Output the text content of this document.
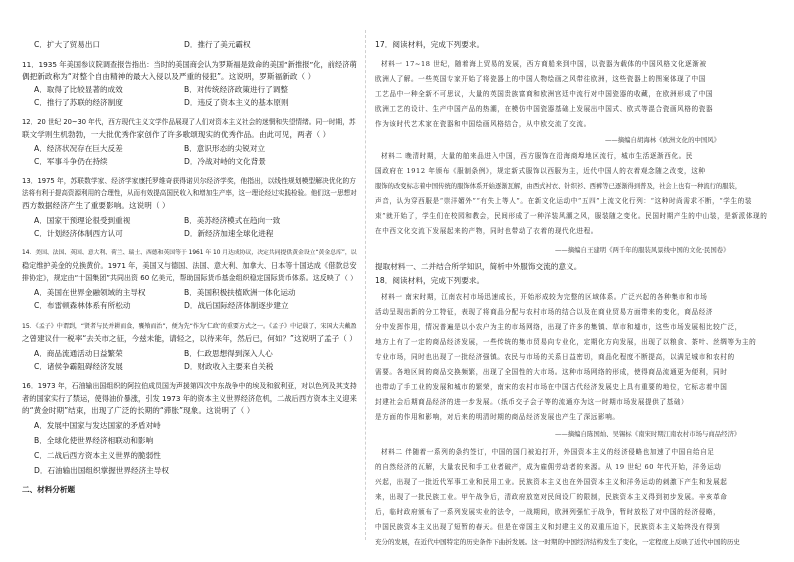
C．扩大了贸易出口	D．推行了美元霸权
11．1935 年美国参议院调查报告指出：当时的美国商会认为罗斯福是致命的美国“新推报”化，前经济萌
偶把新政称为“对整个自由精神的最大入侵以及严重的侵犯”。这说明，罗斯福新政（ ）
A．取得了比较显著的成效	B．对传统经济政策进行了调整
C．推行了苏联的经济制度	D．违反了资本主义的基本原则
12．20 世纪 20~30 年代，西方现代主义文学作品展现了人们对资本主义社会的迷惘和失望情绪。同一时期，苏
联文学则生机勃勃，一大批优秀作家创作了许多歌颂现实的优秀作品。由此可见，两者（ ）
A．经济状况存在巨大反差	B．意识形态的尖锐对立
C．军事斗争仍在持续	D．冷战对峙的文化背景
13．1975 年，苏联数学家、经济学家康托罗维奇获得诺贝尔经济学奖，他指出，以线性规划模型解决优化的方
法将有利于提高资源利用的合理性，从而有效提高国民收入和增加生产率，这一理论经过实践检验。他们这一思想对
西方数据经济产生了重要影响。这说明（ ）
A．国家干预理论很受到重视	B．美苏经济模式在趋向一致
C．计划经济体制西方认可	D．新经济加速全球化进程
14．美国、法国、英国、意大利、荷兰、瑞士、西德和英国等于 1961 年 10 月达成协议，决定共同提供黄金设立“黄金总库”，以
稳定维护美金的兑换黄价。1971 年，美国又与德国、法国、意大利、加拿大、日本等十国达成《借款总安
排协定》，规定由“十国集团”共同出资 60 亿美元，帮助国际货币基金组织稳定国际货币体系。这反映了（ ）
A．美国在世界金融领域的主导权	B．美国积极扶植欧洲一体化运动
C．布雷顿森林体系有所松动	D．战后国际经济体制逐步建立
15．《孟子》中谓到，“贤者与民并耕而食，饔飧而治”，便为先“作为‘仁政’的重要方式之一。《孟子》中记载了，宋国大夫戴盈
之曾建议什一税率“去关市之征，今兹未能，请轻之，以待来年，然后已，何如？”这说明了孟子（ ）
A．商品流通活动日益繁荣	B．仁政思想得到深入人心
C．诸侯争霸阻碍经济发展	D．财政收入主要来自关税
16．1973 年，石油输出国组织的阿拉伯成员国为声援第四次中东战争中的埃及和叙利亚，对以色列及其支持
者的国家实行了禁运，使得油价暴涨，引发 1973 年的资本主义世界经济危机，二战后西方资本主义迎来
的“黄金时期”结束，出现了广泛的长期的“滞胀”现象。这说明了（ ）
A．发展中国家与发达国家的矛盾对峙
B．全球化使世界经济相联动和影响
C．二战后西方资本主义世界的脆弱性
D．石油输出国组织掌握世界经济主导权
二、材料分析题
17．阅读材料，完成下列要求。
材料一 17~18 世纪，随着海上贸易的发展，西方商船来到中国，以瓷器为载体的中国风格文化逐渐被
欧洲人了解。一些英国专家开始了将瓷器上的中国人物绘画之风带往欧洲，这些瓷器上的图案体现了中国
工艺品中一种全新不可思议，大量的英国贵族富商和欧洲宫廷中流行对中国瓷器的收藏，在欧洲形成了中国
欧洲工艺的设计、生产中国产品的热潮，在模仿中国瓷器基础上发展出中国式、欧式等混合瓷画风格的瓷器
作为该时代艺术家在瓷器和中国绘画风格结合，从中欧交流了交流。
——摘编自胡海林《欧洲文化的中国风》
材料二 晚清时期，大量的舶来品进入中国，西方服饰在沿海商埠地区流行，城市生活逐渐西化。民
国政府在 1912 年颁布《服制条例》，规定新式服饰以西服为主，近代中国人的衣着观念随之改变，这种
服饰的改变标志着中国传统的服饰体系开始逐渐瓦解，由西式衬衣、针织衫、西裤等已逐渐得到普及，社会上也有一种流行的服装，
声音，认为穿西服是“崇洋媚外”“有失上等人”。在新文化运动中“五四”上流文化行列：“这种时尚需求不断，“学生的装
束”就开始了，学生们在校园和教会，民间形成了一种洋装风潮之风，服装随之变化。民国时期产生的中山装，是新派体现的
在中西文化交流下发展起来的产物，同时也带动了衣着的现代化进程。
——摘编自王建明《两千年的服装风景线中国的文化·民国卷》
提取材料一、二并结合所学知识，简析中外服饰交流的意义。
18．阅读材料，完成下列要求。
材料一 南宋时期，江南农村市场迅速成长，开始形成较为完整的区域体系。广泛兴起的各种集市和市场
活动呈现出新的分工特征，表现了将商品分配与农村市场的结合以及在商业贸易方面带来的变化，商品经济
分中发挥作用，情况普遍是以小农户为主的市场网络，出现了许多的集镇、草市和墟市，这些市场发展相比较广泛，
地方上有了一定的商品经济发展，一些传统的集市贸易向专业化，定期化方向发展，出现了以粮食、茶叶、丝绸等为主的
专业市场，同时也出现了一批经济强镇。农民与市场的关系日益密切，商品化程度不断提高，以满足城市和农村的
需要。各地区间的商品交换频繁，出现了全国性的大市场。这种市场网络的形成，使得商品流通更为便利，同时
也带动了手工业的发展和城市的繁荣，南宋的农村市场在中国古代经济发展史上具有重要的地位，它标志着中国
封建社会后期商品经济的进一步发展。（纸币交子会子等的流通亦为这一时期市场发展提供了基础）
是方面的作用和影响，对后来的明清时期的商品经济发展也产生了深远影响。
——摘编自陈国灿、吴锡标《南宋时期江南农村市场与商品经济》
材料二 伴随着一系列的条约签订，中国的国门被迫打开，外国资本主义的经济侵略也加速了中国自给自足
的自然经济的瓦解，大量农民和手工业者破产，成为雇佣劳动者的来源。从 19 世纪 60 年代开始，洋务运动
兴起，出现了一批近代军事工业和民用工业。民族资本主义也在外国资本主义和洋务运动的刺激下产生和发展起
来，出现了一批民族工业。甲午战争后，清政府放宽对民间设厂的限制，民族资本主义得到初步发展。辛亥革命
后，临时政府颁布了一系列发展实业的法令，一战期间，欧洲列强忙于战争，暂时放松了对中国的经济侵略，
中国民族资本主义出现了短暂的春天。但是在帝国主义和封建主义的双重压迫下，民族资本主义始终没有得到
充分的发展，在近代中国特定的历史条件下曲折发展。这一时期的中国经济结构发生了变化，一定程度上反映了近代中国的历史
